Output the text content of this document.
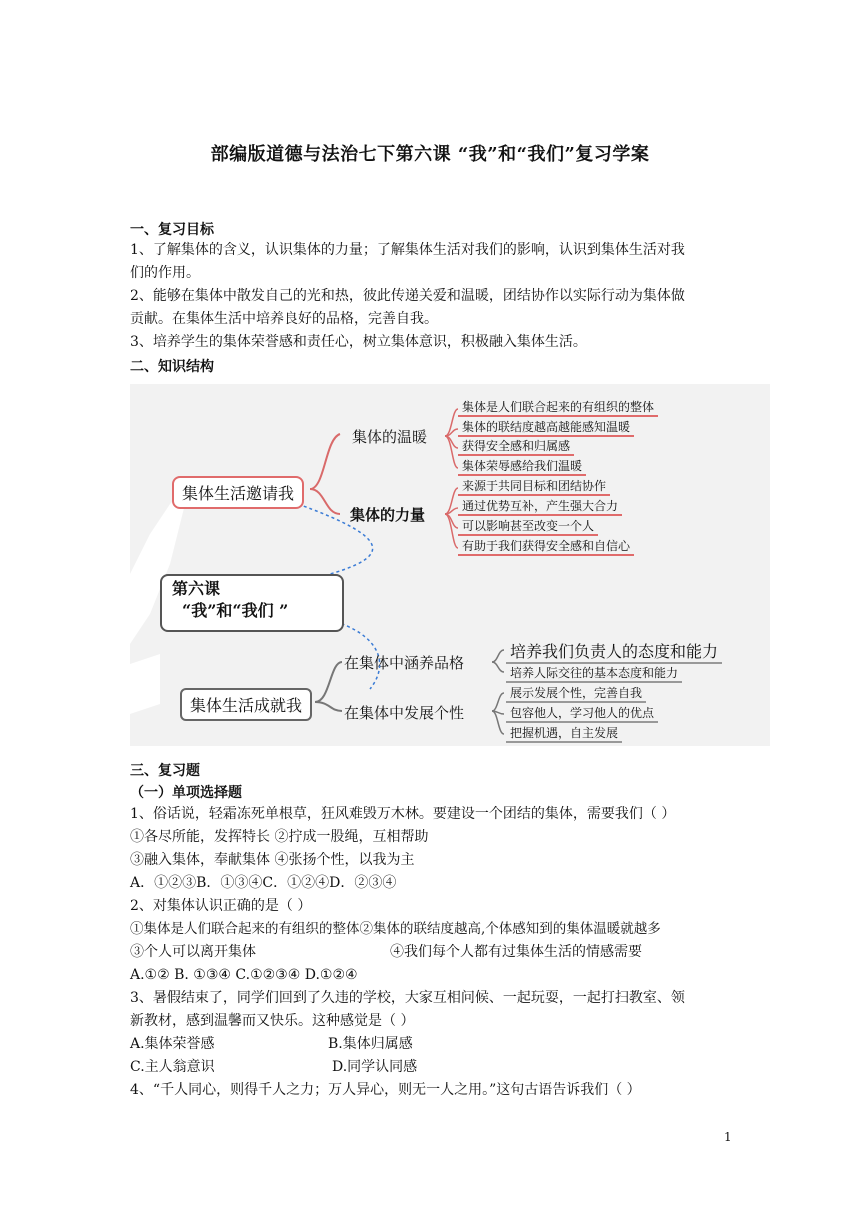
部编版道德与法治七下第六课 “我”和“我们”复习学案
一、复习目标
1、了解集体的含义，认识集体的力量；了解集体生活对我们的影响，认识到集体生活对我
们的作用。
2、能够在集体中散发自己的光和热，彼此传递关爱和温暖，团结协作以实际行动为集体做
贡献。在集体生活中培养良好的品格，完善自我。
3、培养学生的集体荣誉感和责任心，树立集体意识，积极融入集体生活。
二、知识结构
集体生活邀请我
集体的温暖
集体的力量
集体是人们联合起来的有组织的整体
集体的联结度越高越能感知温暖
获得安全感和归属感
集体荣辱感给我们温暖
来源于共同目标和团结协作
通过优势互补，产生强大合力
可以影响甚至改变一个人
有助于我们获得安全感和自信心
第六课
“我”和“我们 ”
集体生活成就我
在集体中涵养品格
在集体中发展个性
培养我们负责人的态度和能力
培养人际交往的基本态度和能力
展示发展个性，完善自我
包容他人，学习他人的优点
把握机遇，自主发展
三、复习题
（一）单项选择题
1、俗话说，轻霜冻死单根草，狂风难毁万木林。要建设一个团结的集体，需要我们（ ）
①各尽所能，发挥特长 ②拧成一股绳，互相帮助
③融入集体，奉献集体 ④张扬个性，以我为主
A．①②③B．①③④C．①②④D．②③④
2、对集体认识正确的是（ ）
①集体是人们联合起来的有组织的整体②集体的联结度越高,个体感知到的集体温暖就越多
③个人可以离开集体	④我们每个人都有过集体生活的情感需要
A.①② B. ①③④ C.①②③④ D.①②④
3、暑假结束了，同学们回到了久违的学校，大家互相问候、一起玩耍，一起打扫教室、领
新教材，感到温馨而又快乐。这种感觉是（ ）
A.集体荣誉感	B.集体归属感
C.主人翁意识	D.同学认同感
4、“千人同心，则得千人之力；万人异心，则无一人之用。”这句古语告诉我们（ ）
1
